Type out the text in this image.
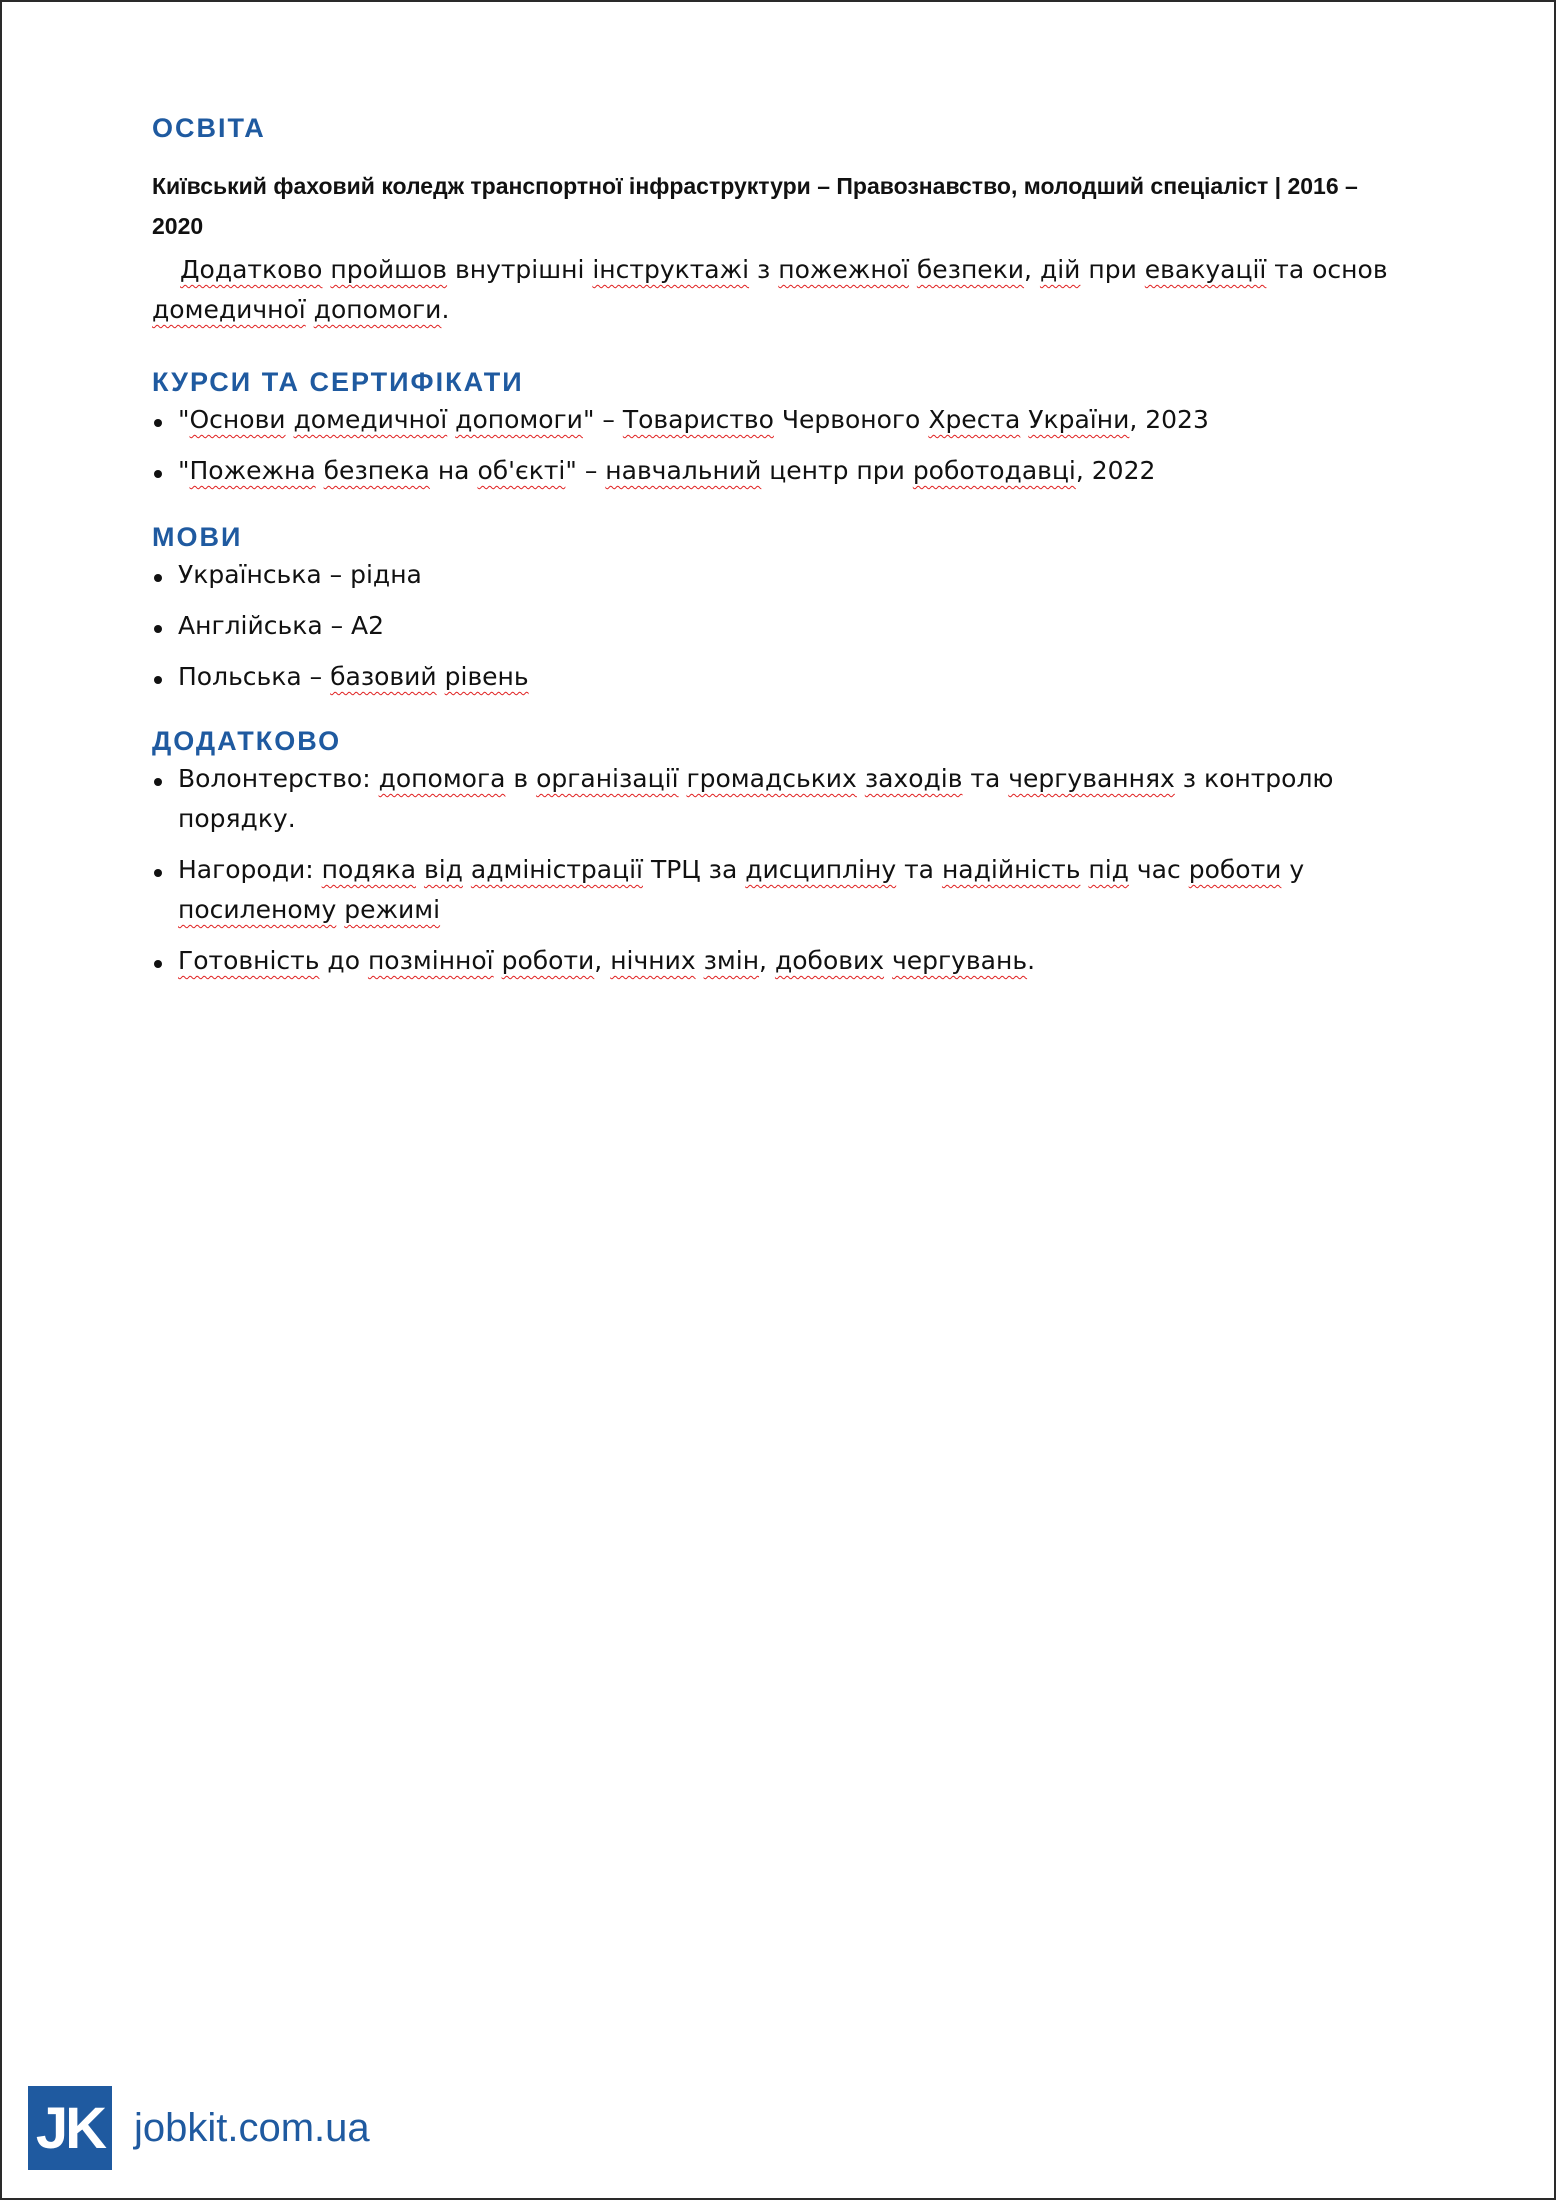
ОСВІТА
Київський фаховий коледж транспортної інфраструктури – Правознавство, молодший спеціаліст | 2016 – 2020
Додатково пройшов внутрішні інструктажі з пожежної безпеки, дій при евакуації та основ домедичної допомоги.
КУРСИ ТА СЕРТИФІКАТИ
"Основи домедичної допомоги" – Товариство Червоного Хреста України, 2023
"Пожежна безпека на об'єкті" – навчальний центр при роботодавці, 2022
МОВИ
Українська – рідна
Англійська – А2
Польська – базовий рівень
ДОДАТКОВО
Волонтерство: допомога в організації громадських заходів та чергуваннях з контролю порядку.
Нагороди: подяка від адміністрації ТРЦ за дисципліну та надійність під час роботи у посиленому режимі
Готовність до позмінної роботи, нічних змін, добових чергувань.
JK jobkit.com.ua
